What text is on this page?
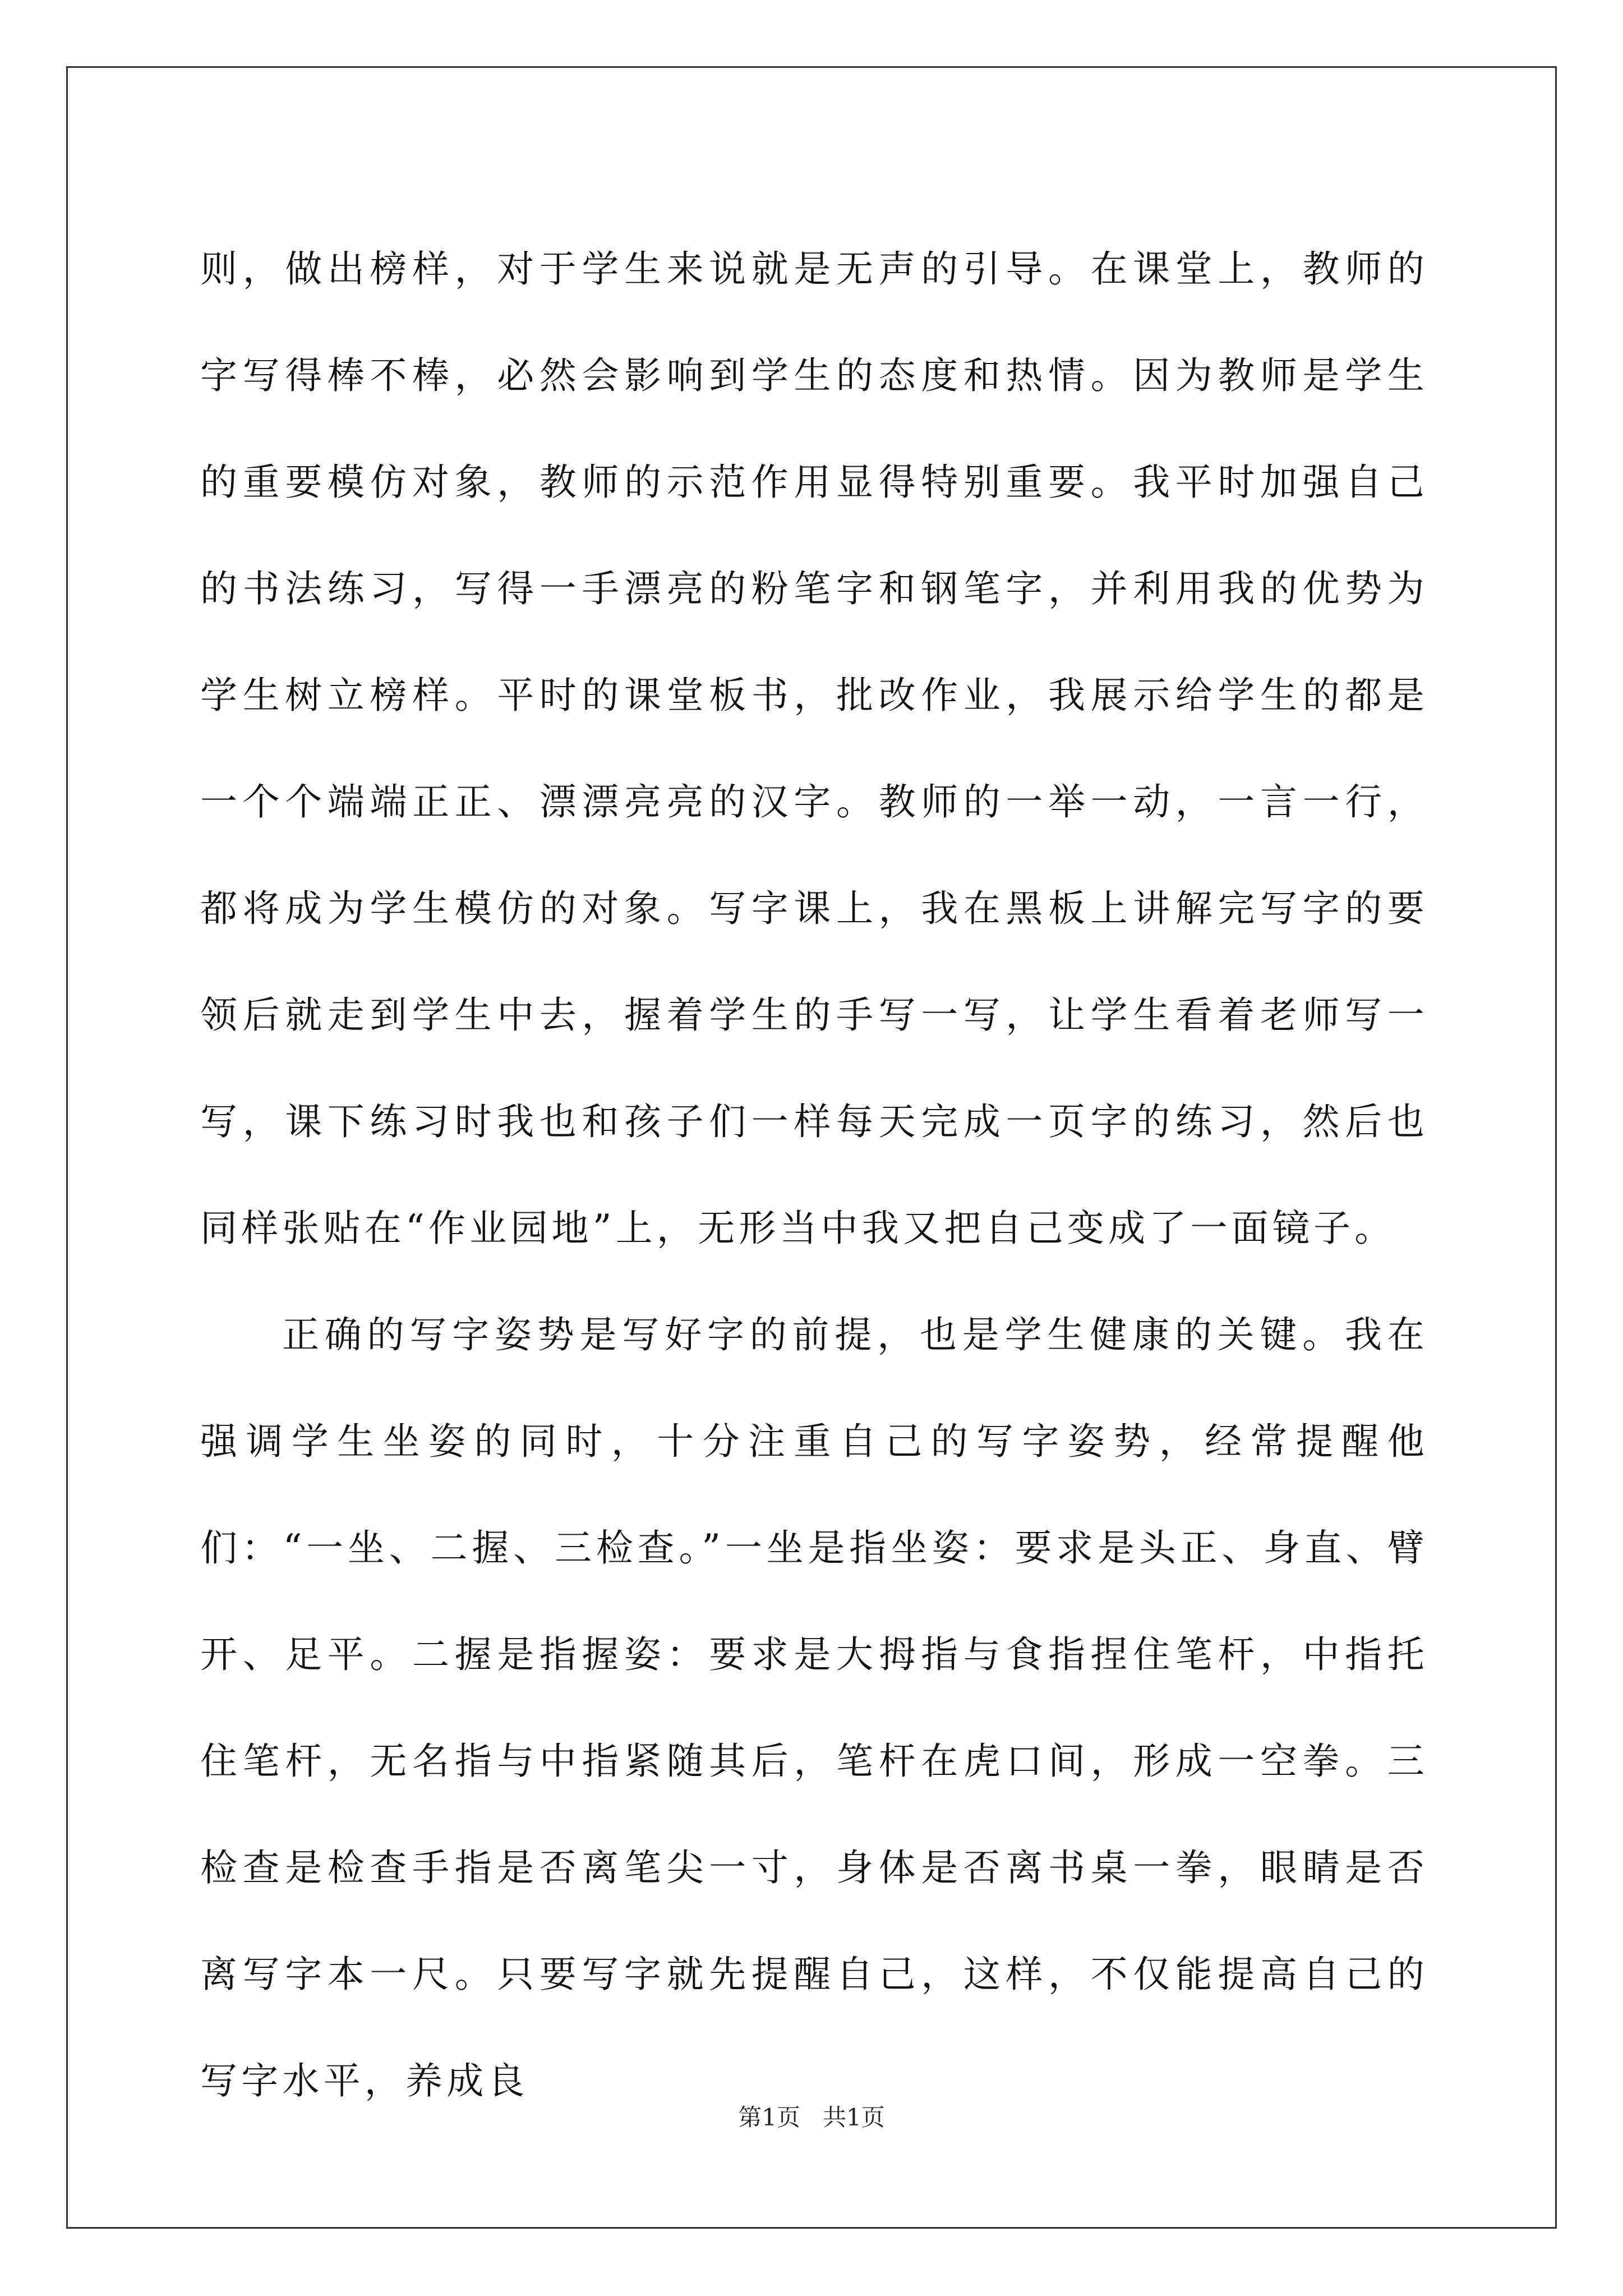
则，做出榜样，对于学生来说就是无声的引导。在课堂上，教师的字写得棒不棒，必然会影响到学生的态度和热情。因为教师是学生的重要模仿对象，教师的示范作用显得特别重要。我平时加强自己的书法练习，写得一手漂亮的粉笔字和钢笔字，并利用我的优势为学生树立榜样。平时的课堂板书，批改作业，我展示给学生的都是一个个端端正正、漂漂亮亮的汉字。教师的一举一动，一言一行，都将成为学生模仿的对象。写字课上，我在黑板上讲解完写字的要领后就走到学生中去，握着学生的手写一写，让学生看着老师写一写，课下练习时我也和孩子们一样每天完成一页字的练习，然后也同样张贴在“作业园地”上，无形当中我又把自己变成了一面镜子。

正确的写字姿势是写好字的前提，也是学生健康的关键。我在强调学生坐姿的同时，十分注重自己的写字姿势，经常提醒他们：“一坐、二握、三检查。”一坐是指坐姿：要求是头正、身直、臂开、足平。二握是指握姿：要求是大拇指与食指捏住笔杆，中指托住笔杆，无名指与中指紧随其后，笔杆在虎口间，形成一空拳。三检查是检查手指是否离笔尖一寸，身体是否离书桌一拳，眼睛是否离写字本一尺。只要写字就先提醒自己，这样，不仅能提高自己的写字水平，养成良

第1页   共1页
